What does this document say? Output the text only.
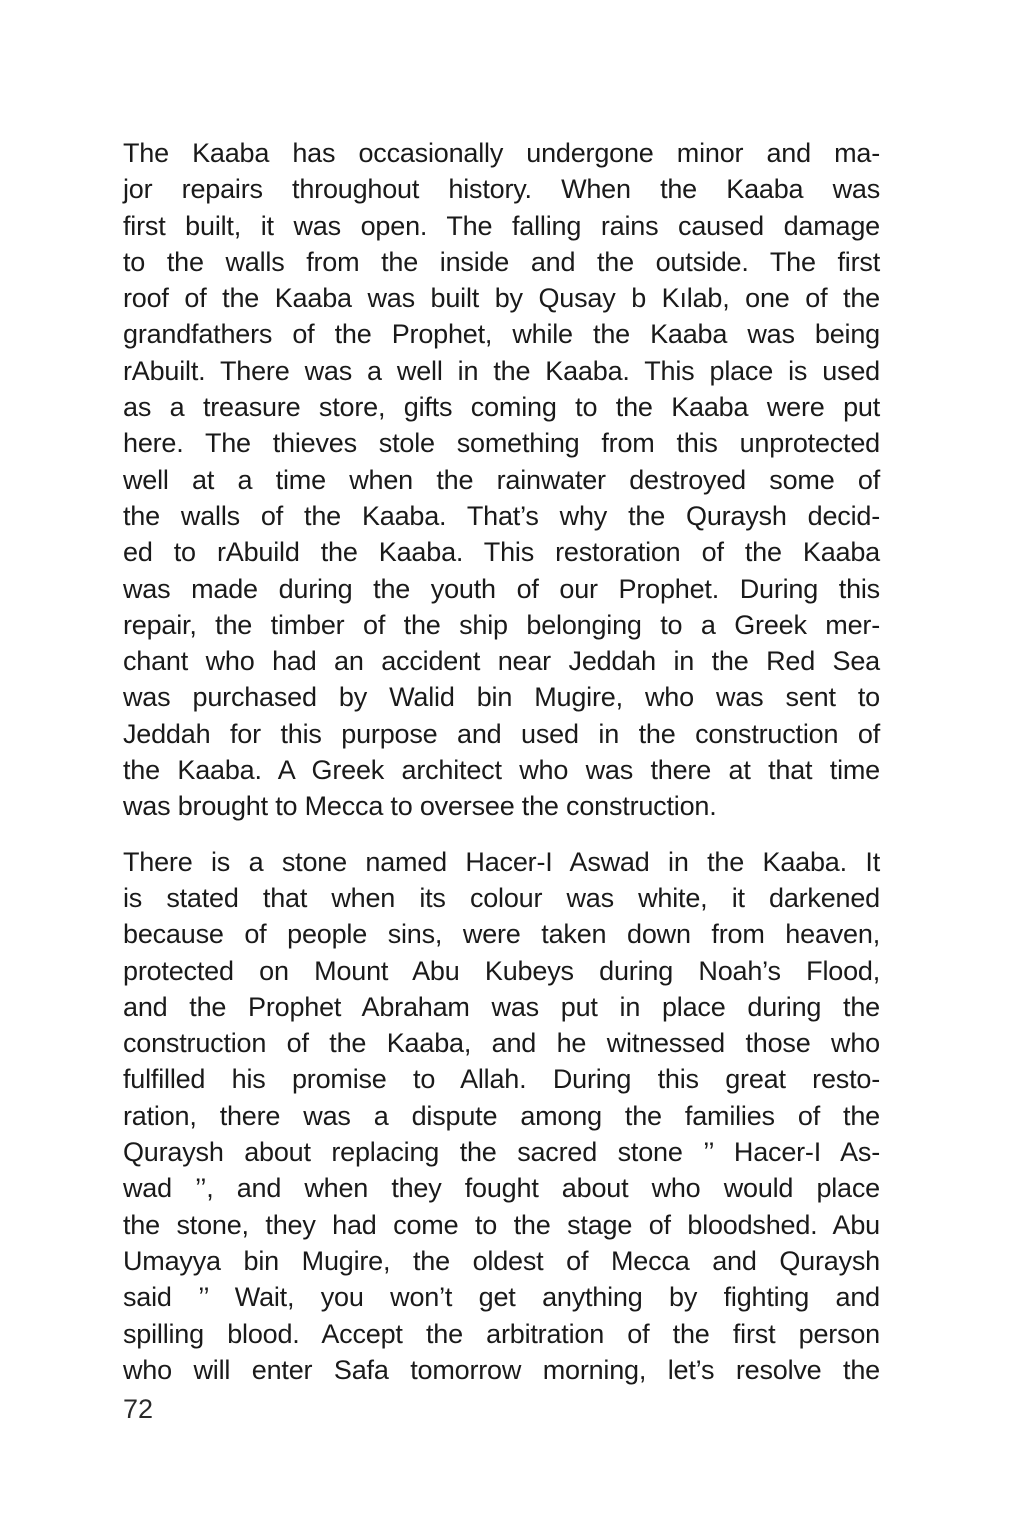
The Kaaba has occasionally undergone minor and ma-
jor repairs throughout history. When the Kaaba was
first built, it was open. The falling rains caused damage
to the walls from the inside and the outside. The first
roof of the Kaaba was built by Qusay b Kılab, one of the
grandfathers of the Prophet, while the Kaaba was being
rAbuilt. There was a well in the Kaaba. This place is used
as a treasure store, gifts coming to the Kaaba were put
here. The thieves stole something from this unprotected
well at a time when the rainwater destroyed some of
the walls of the Kaaba. That’s why the Quraysh decid-
ed to rAbuild the Kaaba. This restoration of the Kaaba
was made during the youth of our Prophet. During this
repair, the timber of the ship belonging to a Greek mer-
chant who had an accident near Jeddah in the Red Sea
was purchased by Walid bin Mugire, who was sent to
Jeddah for this purpose and used in the construction of
the Kaaba. A Greek architect who was there at that time
was brought to Mecca to oversee the construction.
There is a stone named Hacer-I Aswad in the Kaaba. It
is stated that when its colour was white, it darkened
because of people sins, were taken down from heaven,
protected on Mount Abu Kubeys during Noah’s Flood,
and the Prophet Abraham was put in place during the
construction of the Kaaba, and he witnessed those who
fulfilled his promise to Allah. During this great resto-
ration, there was a dispute among the families of the
Quraysh about replacing the sacred stone ’’ Hacer-I As-
wad ’’, and when they fought about who would place
the stone, they had come to the stage of bloodshed. Abu
Umayya bin Mugire, the oldest of Mecca and Quraysh
said ’’ Wait, you won’t get anything by fighting and
spilling blood. Accept the arbitration of the first person
who will enter Safa tomorrow morning, let’s resolve the
72
